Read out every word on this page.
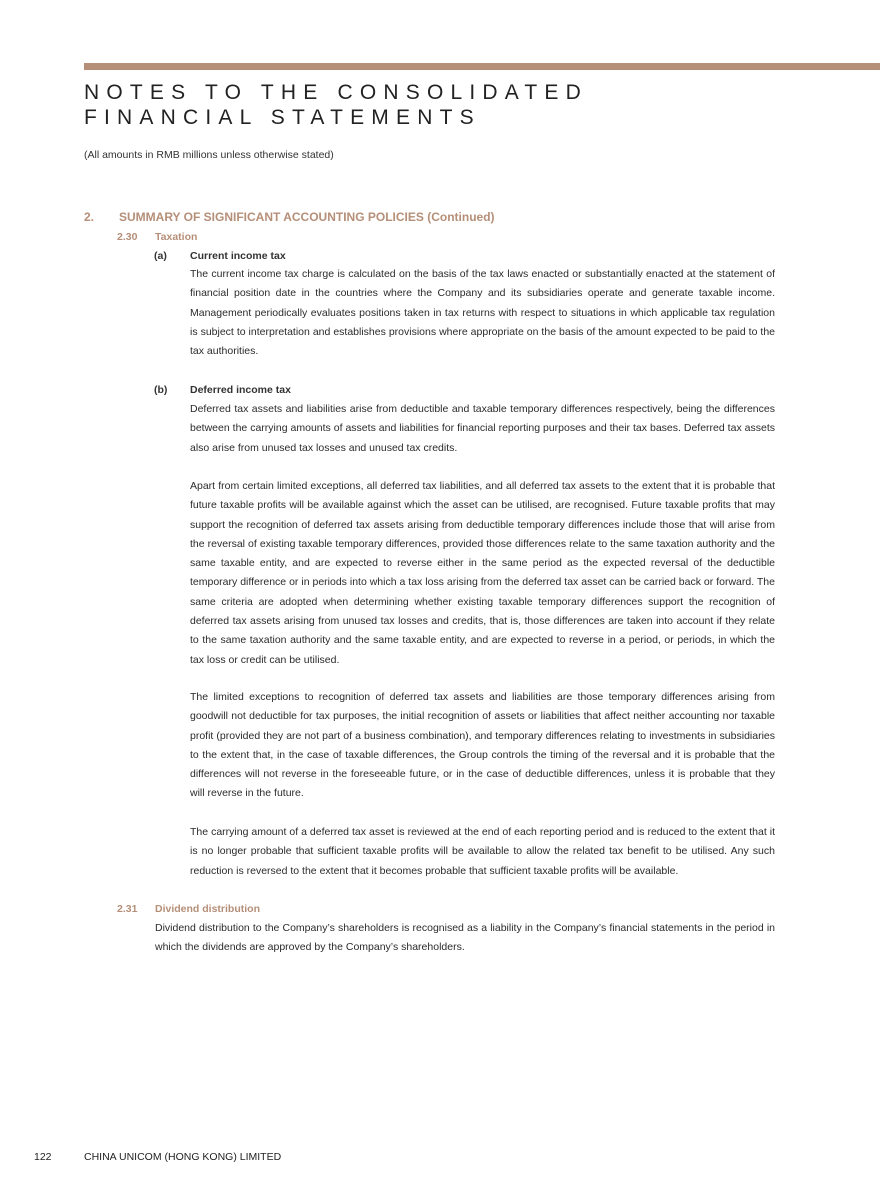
NOTES TO THE CONSOLIDATED
FINANCIAL STATEMENTS
(All amounts in RMB millions unless otherwise stated)
2. SUMMARY OF SIGNIFICANT ACCOUNTING POLICIES (Continued)
2.30 Taxation
(a) Current income tax

The current income tax charge is calculated on the basis of the tax laws enacted or substantially enacted at the statement of financial position date in the countries where the Company and its subsidiaries operate and generate taxable income. Management periodically evaluates positions taken in tax returns with respect to situations in which applicable tax regulation is subject to interpretation and establishes provisions where appropriate on the basis of the amount expected to be paid to the tax authorities.

(b) Deferred income tax

Deferred tax assets and liabilities arise from deductible and taxable temporary differences respectively, being the differences between the carrying amounts of assets and liabilities for financial reporting purposes and their tax bases. Deferred tax assets also arise from unused tax losses and unused tax credits.

Apart from certain limited exceptions, all deferred tax liabilities, and all deferred tax assets to the extent that it is probable that future taxable profits will be available against which the asset can be utilised, are recognised. Future taxable profits that may support the recognition of deferred tax assets arising from deductible temporary differences include those that will arise from the reversal of existing taxable temporary differences, provided those differences relate to the same taxation authority and the same taxable entity, and are expected to reverse either in the same period as the expected reversal of the deductible temporary difference or in periods into which a tax loss arising from the deferred tax asset can be carried back or forward. The same criteria are adopted when determining whether existing taxable temporary differences support the recognition of deferred tax assets arising from unused tax losses and credits, that is, those differences are taken into account if they relate to the same taxation authority and the same taxable entity, and are expected to reverse in a period, or periods, in which the tax loss or credit can be utilised.

The limited exceptions to recognition of deferred tax assets and liabilities are those temporary differences arising from goodwill not deductible for tax purposes, the initial recognition of assets or liabilities that affect neither accounting nor taxable profit (provided they are not part of a business combination), and temporary differences relating to investments in subsidiaries to the extent that, in the case of taxable differences, the Group controls the timing of the reversal and it is probable that the differences will not reverse in the foreseeable future, or in the case of deductible differences, unless it is probable that they will reverse in the future.

The carrying amount of a deferred tax asset is reviewed at the end of each reporting period and is reduced to the extent that it is no longer probable that sufficient taxable profits will be available to allow the related tax benefit to be utilised. Any such reduction is reversed to the extent that it becomes probable that sufficient taxable profits will be available.

2.31 Dividend distribution

Dividend distribution to the Company’s shareholders is recognised as a liability in the Company’s financial statements in the period in which the dividends are approved by the Company’s shareholders.

122	CHINA UNICOM (HONG KONG) LIMITED
